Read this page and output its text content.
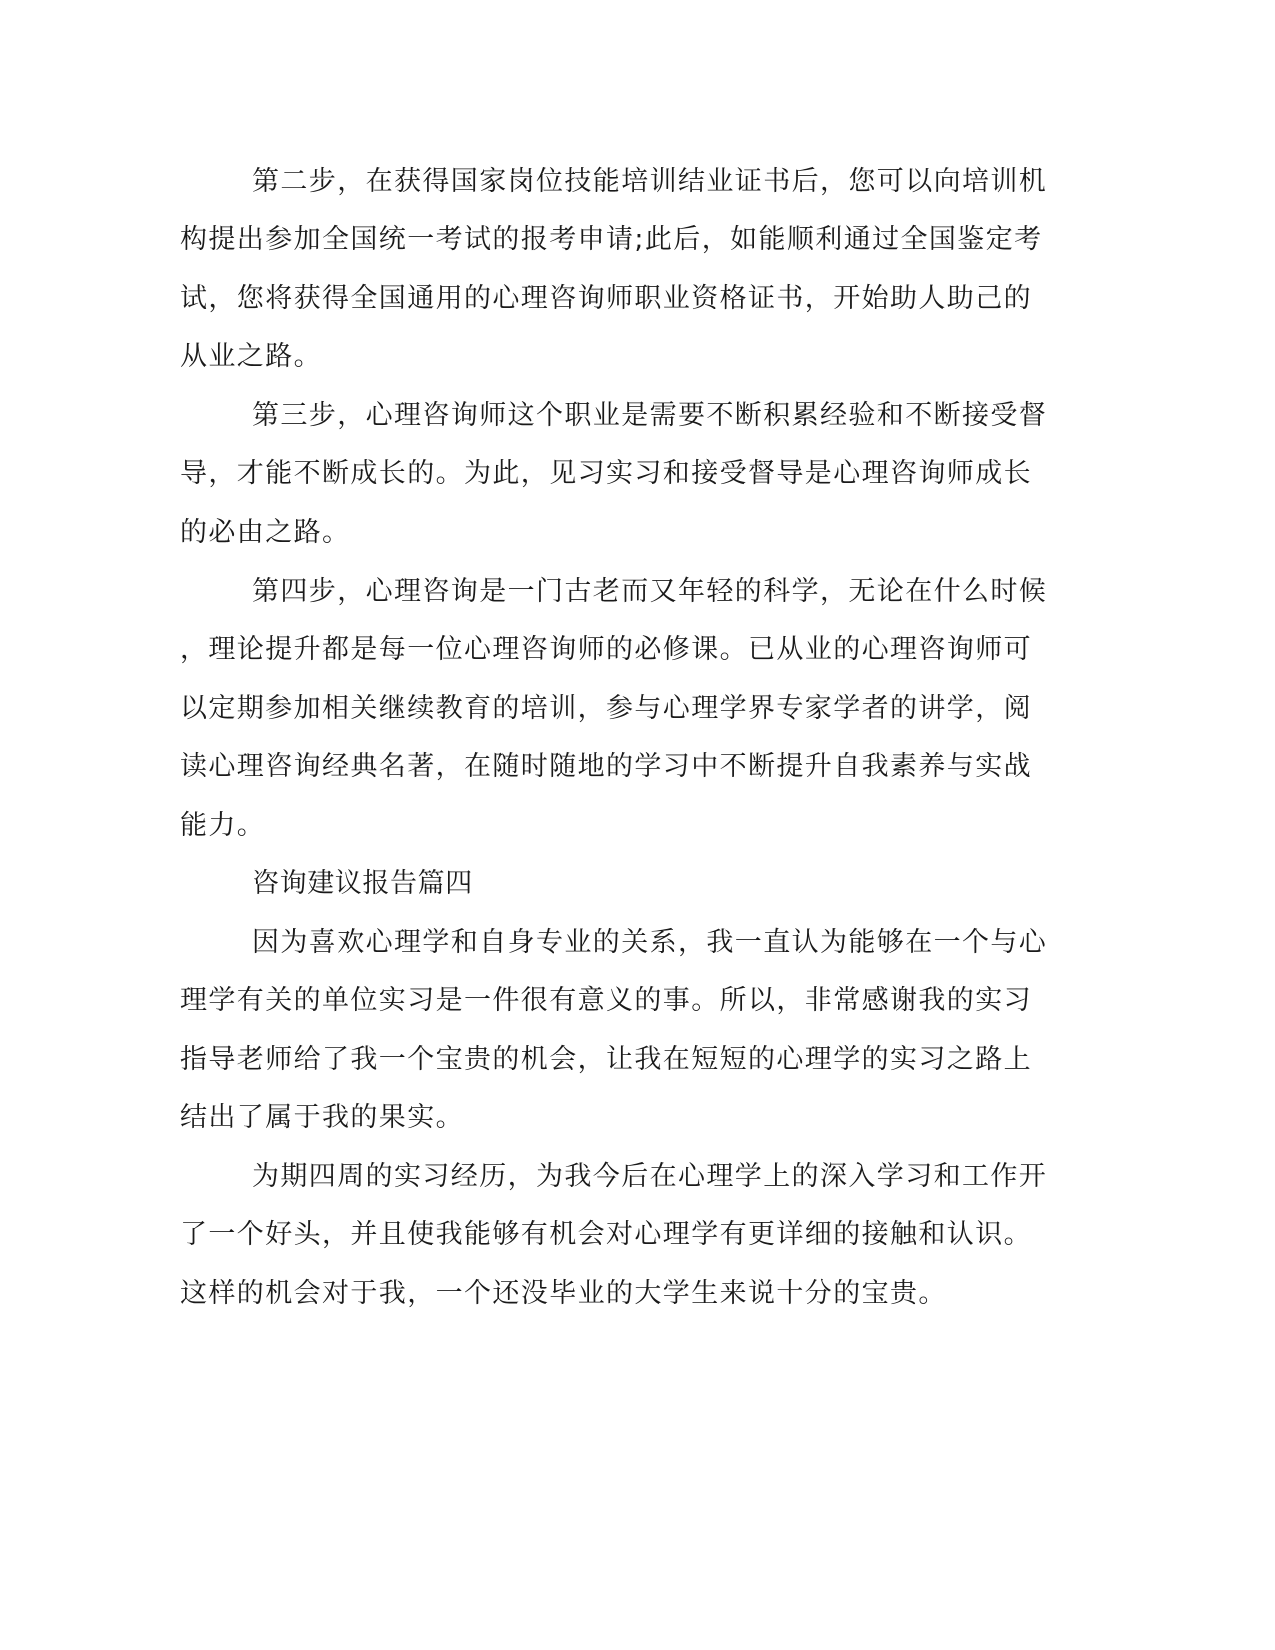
第二步，在获得国家岗位技能培训结业证书后，您可以向培训机
构提出参加全国统一考试的报考申请;此后，如能顺利通过全国鉴定考
试，您将获得全国通用的心理咨询师职业资格证书，开始助人助己的
从业之路。
第三步，心理咨询师这个职业是需要不断积累经验和不断接受督
导，才能不断成长的。为此，见习实习和接受督导是心理咨询师成长
的必由之路。
第四步，心理咨询是一门古老而又年轻的科学，无论在什么时候
，理论提升都是每一位心理咨询师的必修课。已从业的心理咨询师可
以定期参加相关继续教育的培训，参与心理学界专家学者的讲学，阅
读心理咨询经典名著，在随时随地的学习中不断提升自我素养与实战
能力。
咨询建议报告篇四
因为喜欢心理学和自身专业的关系，我一直认为能够在一个与心
理学有关的单位实习是一件很有意义的事。所以，非常感谢我的实习
指导老师给了我一个宝贵的机会，让我在短短的心理学的实习之路上
结出了属于我的果实。
为期四周的实习经历，为我今后在心理学上的深入学习和工作开
了一个好头，并且使我能够有机会对心理学有更详细的接触和认识。
这样的机会对于我，一个还没毕业的大学生来说十分的宝贵。
